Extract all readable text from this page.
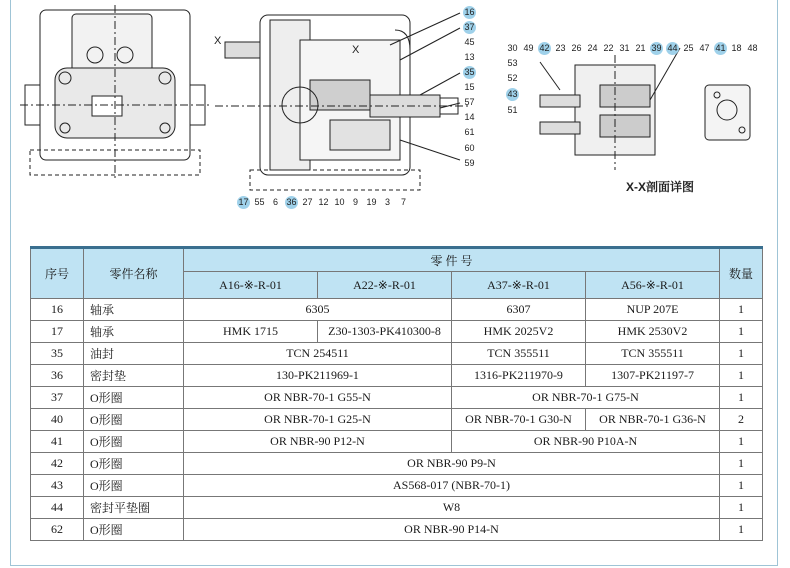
16
37
45
13
35
15
57
14
61
60
59
17 55 6 36 27 12 10 9 19 3	7
30 49 42 23 26 24 22 31 21 39 44 25 47 41 18 48
53
52
43
51
X
X
X-X剖面详图
序号	零件名称	零 件 号				数量
		A16-※-R-01	A22-※-R-01	A37-※-R-01	A56-※-R-01	
16	轴承	6305		6307	NUP 207E	1
17	轴承	HMK 1715	Z30-1303-PK410300-8	HMK 2025V2	HMK 2530V2	1
35	油封	TCN 254511		TCN 355511	TCN 355511	1
36	密封垫	130-PK211969-1		1316-PK211970-9	1307-PK21197-7	1
37	O形圈	OR NBR-70-1 G55-N		OR NBR-70-1 G75-N		1
40	O形圈	OR NBR-70-1 G25-N		OR NBR-70-1 G30-N	OR NBR-70-1 G36-N	2
41	O形圈	OR NBR-90 P12-N		OR NBR-90 P10A-N		1
42	O形圈	OR NBR-90 P9-N				1
43	O形圈	AS568-017 (NBR-70-1)				1
44	密封平垫圈	W8				1
62	O形圈	OR NBR-90 P14-N				1
